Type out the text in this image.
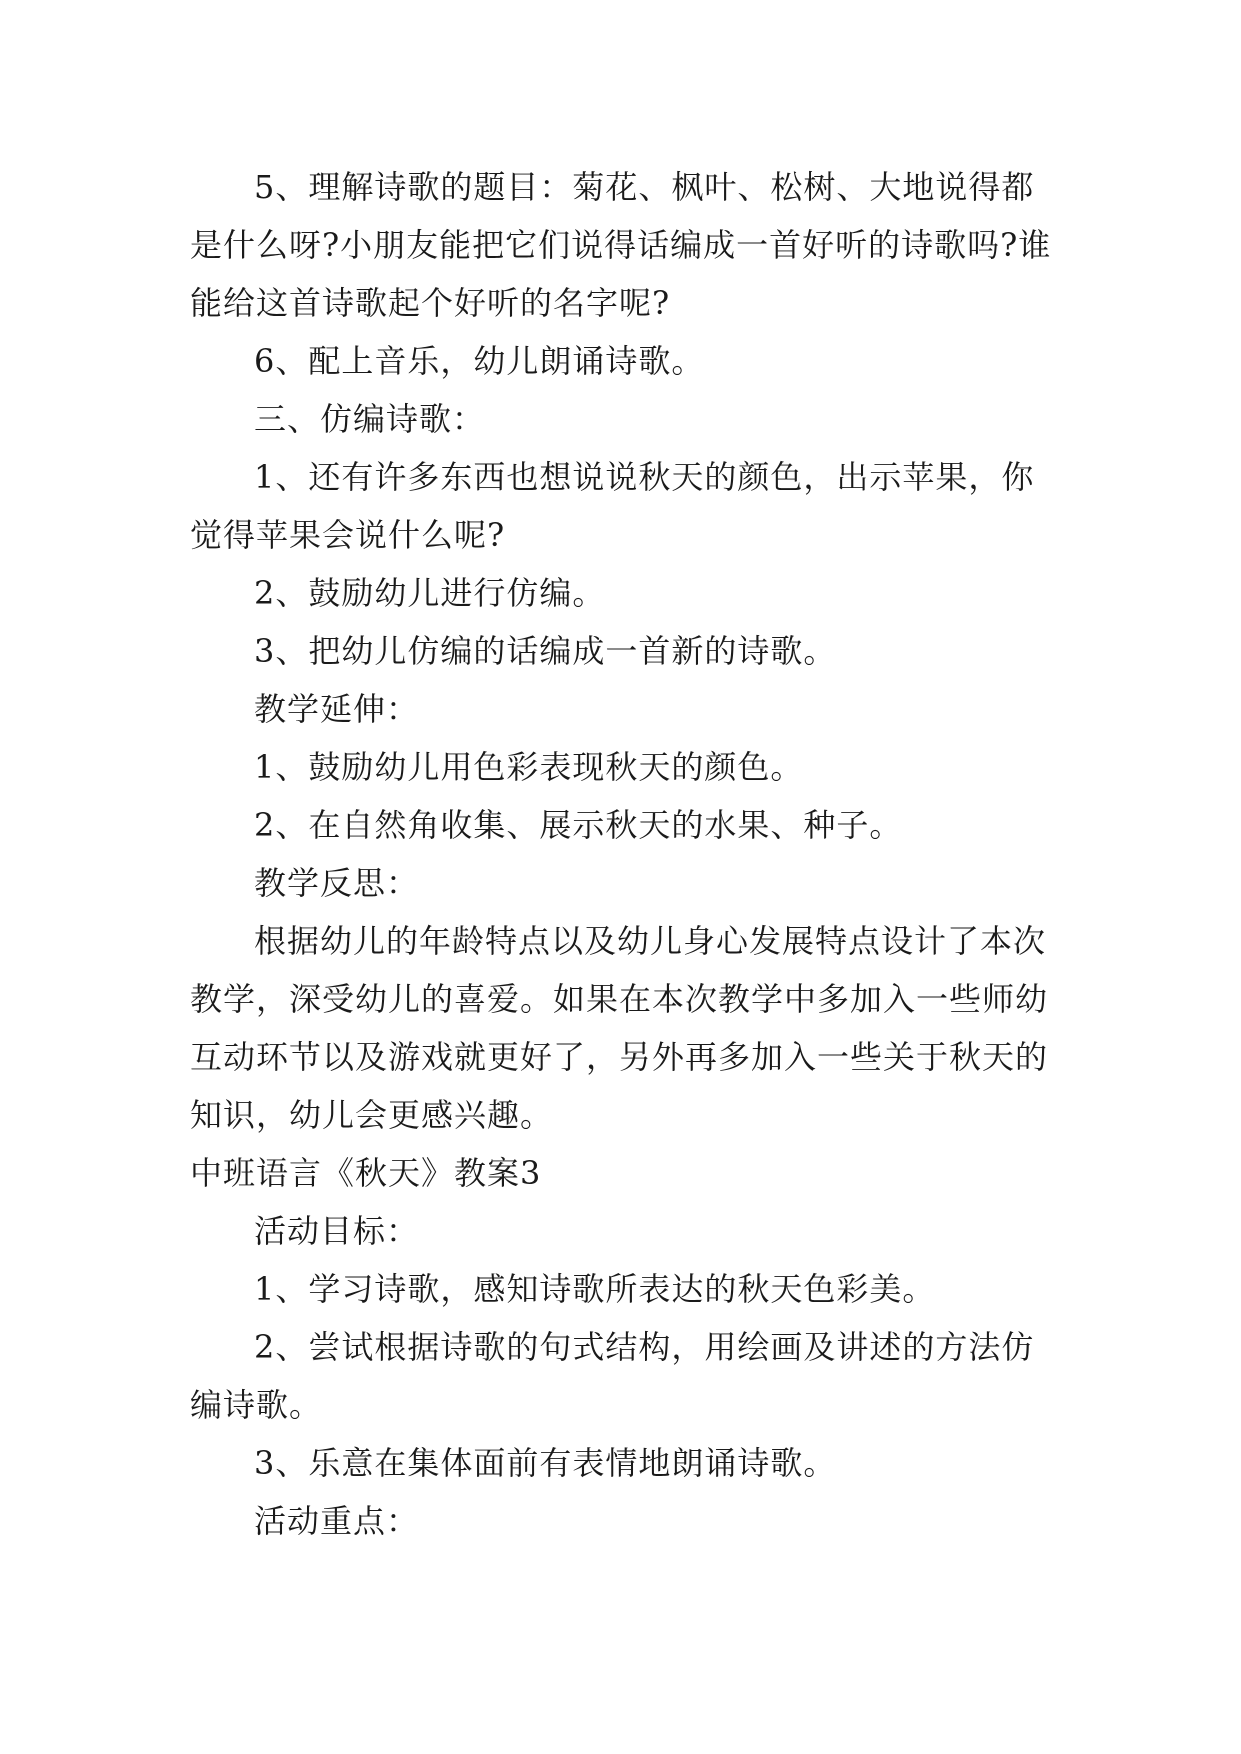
5、理解诗歌的题目：菊花、枫叶、松树、大地说得都是什么呀?小朋友能把它们说得话编成一首好听的诗歌吗?谁能给这首诗歌起个好听的名字呢?

6、配上音乐，幼儿朗诵诗歌。

三、仿编诗歌：

1、还有许多东西也想说说秋天的颜色，出示苹果，你觉得苹果会说什么呢?

2、鼓励幼儿进行仿编。

3、把幼儿仿编的话编成一首新的诗歌。

教学延伸：

1、鼓励幼儿用色彩表现秋天的颜色。

2、在自然角收集、展示秋天的水果、种子。

教学反思：

根据幼儿的年龄特点以及幼儿身心发展特点设计了本次教学，深受幼儿的喜爱。如果在本次教学中多加入一些师幼互动环节以及游戏就更好了，另外再多加入一些关于秋天的知识，幼儿会更感兴趣。

中班语言《秋天》教案3

活动目标：

1、学习诗歌，感知诗歌所表达的秋天色彩美。

2、尝试根据诗歌的句式结构，用绘画及讲述的方法仿编诗歌。

3、乐意在集体面前有表情地朗诵诗歌。

活动重点：
